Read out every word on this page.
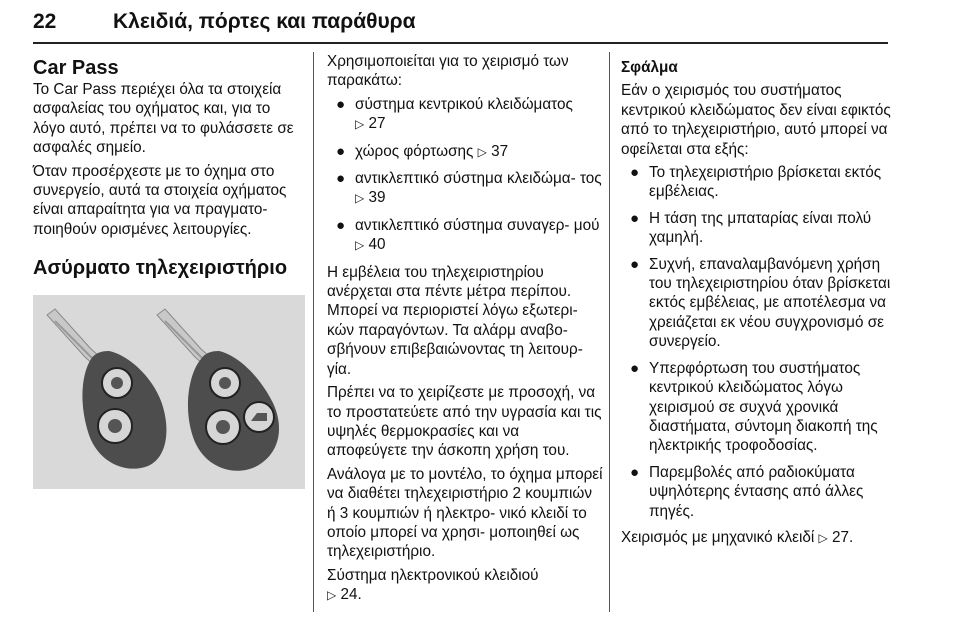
22	Κλειδιά, πόρτες και παράθυρα
Car Pass

Το Car Pass περιέχει όλα τα στοιχεία ασφαλείας του οχήματος και, για το λόγο αυτό, πρέπει να το φυλάσσετε σε ασφαλές σημείο.

Όταν προσέρχεστε με το όχημα στο συνεργείο, αυτά τα στοιχεία οχήματος είναι απαραίτητα για να πραγματο- ποιηθούν ορισμένες λειτουργίες.

Ασύρματο τηλεχειριστήριο

Χρησιμοποιείται για το χειρισμό των παρακάτω:

● σύστημα κεντρικού κλειδώματος
▷ 27
● χώρος φόρτωσης ▷ 37
● αντικλεπτικό σύστημα κλειδώμα- τος ▷ 39
● αντικλεπτικό σύστημα συναγερ- μού ▷ 40

Η εμβέλεια του τηλεχειριστηρίου ανέρχεται στα πέντε μέτρα περίπου. Μπορεί να περιοριστεί λόγω εξωτερι- κών παραγόντων. Τα αλάρμ αναβο- σβήνουν επιβεβαιώνοντας τη λειτουρ- γία.

Πρέπει να το χειρίζεστε με προσοχή, να το προστατεύετε από την υγρασία και τις υψηλές θερμοκρασίες και να αποφεύγετε την άσκοπη χρήση του.

Ανάλογα με το μοντέλο, το όχημα μπορεί να διαθέτει τηλεχειριστήριο 2 κουμπιών ή 3 κουμπιών ή ηλεκτρο- νικό κλειδί το οποίο μπορεί να χρησι- μοποιηθεί ως τηλεχειριστήριο.

Σύστημα ηλεκτρονικού κλειδιού
▷ 24.

Σφάλμα

Εάν ο χειρισμός του συστήματος κεντρικού κλειδώματος δεν είναι εφικτός από το τηλεχειριστήριο, αυτό μπορεί να οφείλεται στα εξής:

● Το τηλεχειριστήριο βρίσκεται εκτός εμβέλειας.
● Η τάση της μπαταρίας είναι πολύ χαμηλή.
● Συχνή, επαναλαμβανόμενη χρήση του τηλεχειριστηρίου όταν βρίσκεται εκτός εμβέλειας, με αποτέλεσμα να χρειάζεται εκ νέου συγχρονισμό σε συνεργείο.
● Υπερφόρτωση του συστήματος κεντρικού κλειδώματος λόγω χειρισμού σε συχνά χρονικά διαστήματα, σύντομη διακοπή της ηλεκτρικής τροφοδοσίας.
● Παρεμβολές από ραδιοκύματα υψηλότερης έντασης από άλλες πηγές.

Χειρισμός με μηχανικό κλειδί ▷ 27.
